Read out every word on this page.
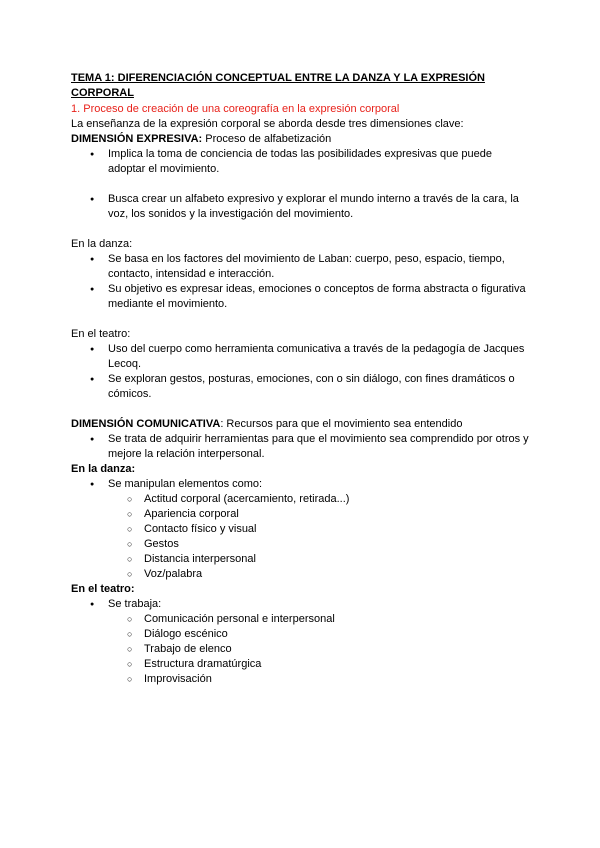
TEMA 1: DIFERENCIACIÓN CONCEPTUAL ENTRE LA DANZA Y LA EXPRESIÓN CORPORAL

1. Proceso de creación de una coreografía en la expresión corporal

La enseñanza de la expresión corporal se aborda desde tres dimensiones clave:

DIMENSIÓN EXPRESIVA: Proceso de alfabetización

● Implica la toma de conciencia de todas las posibilidades expresivas que puede adoptar el movimiento.
● Busca crear un alfabeto expresivo y explorar el mundo interno a través de la cara, la voz, los sonidos y la investigación del movimiento.

En la danza:

● Se basa en los factores del movimiento de Laban: cuerpo, peso, espacio, tiempo, contacto, intensidad e interacción.
● Su objetivo es expresar ideas, emociones o conceptos de forma abstracta o figurativa mediante el movimiento.

En el teatro:

● Uso del cuerpo como herramienta comunicativa a través de la pedagogía de Jacques Lecoq.
● Se exploran gestos, posturas, emociones, con o sin diálogo, con fines dramáticos o cómicos.

DIMENSIÓN COMUNICATIVA: Recursos para que el movimiento sea entendido

● Se trata de adquirir herramientas para que el movimiento sea comprendido por otros y mejore la relación interpersonal.

En la danza:

● Se manipulan elementos como:
○ Actitud corporal (acercamiento, retirada...)
○ Apariencia corporal
○ Contacto físico y visual
○ Gestos
○ Distancia interpersonal
○ Voz/palabra

En el teatro:

● Se trabaja:
○ Comunicación personal e interpersonal
○ Diálogo escénico
○ Trabajo de elenco
○ Estructura dramatúrgica
○ Improvisación
